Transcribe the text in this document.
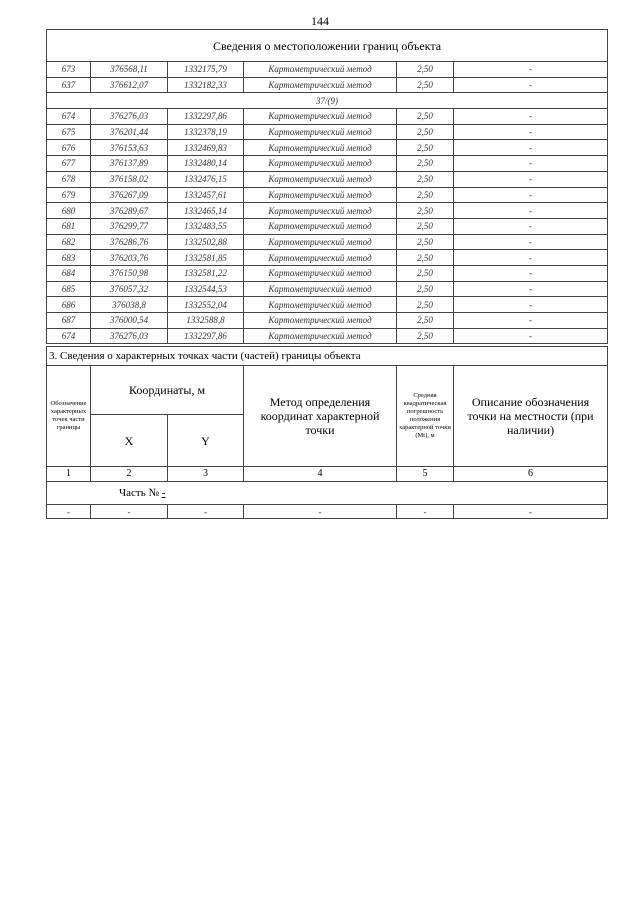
144
Сведения о местоположении границ объекта					
673	376568,11	1332175,79	Картометрический метод	2,50	-
637	376612,07	1332182,33	Картометрический метод	2,50	-
37/(9)					
674	376276,03	1332297,86	Картометрический метод	2,50	-
675	376201,44	1332378,19	Картометрический метод	2,50	-
676	376153,63	1332469,83	Картометрический метод	2,50	-
677	376137,89	1332480,14	Картометрический метод	2,50	-
678	376158,02	1332476,15	Картометрический метод	2,50	-
679	376267,09	1332457,61	Картометрический метод	2,50	-
680	376289,67	1332465,14	Картометрический метод	2,50	-
681	376299,77	1332483,55	Картометрический метод	2,50	-
682	376286,76	1332502,88	Картометрический метод	2,50	-
683	376203,76	1332581,85	Картометрический метод	2,50	-
684	376150,98	1332581,22	Картометрический метод	2,50	-
685	376057,32	1332544,53	Картометрический метод	2,50	-
686	376038,8	1332552,04	Картометрический метод	2,50	-
687	376000,54	1332588,8	Картометрический метод	2,50	-
674	376276,03	1332297,86	Картометрический метод	2,50	-
3. Сведения о характерных точках части (частей) границы объекта					
Обозначение характерных точек части границы	Координаты, м		Метод определения координат характерной точки	Средняя квадратическая погрешность положения характерной точки (Mt), м	Описание обозначения точки на местности (при наличии)
	X	Y			
1	2	3	4	5	6
Часть № -					
-	-	-	-	-	-
